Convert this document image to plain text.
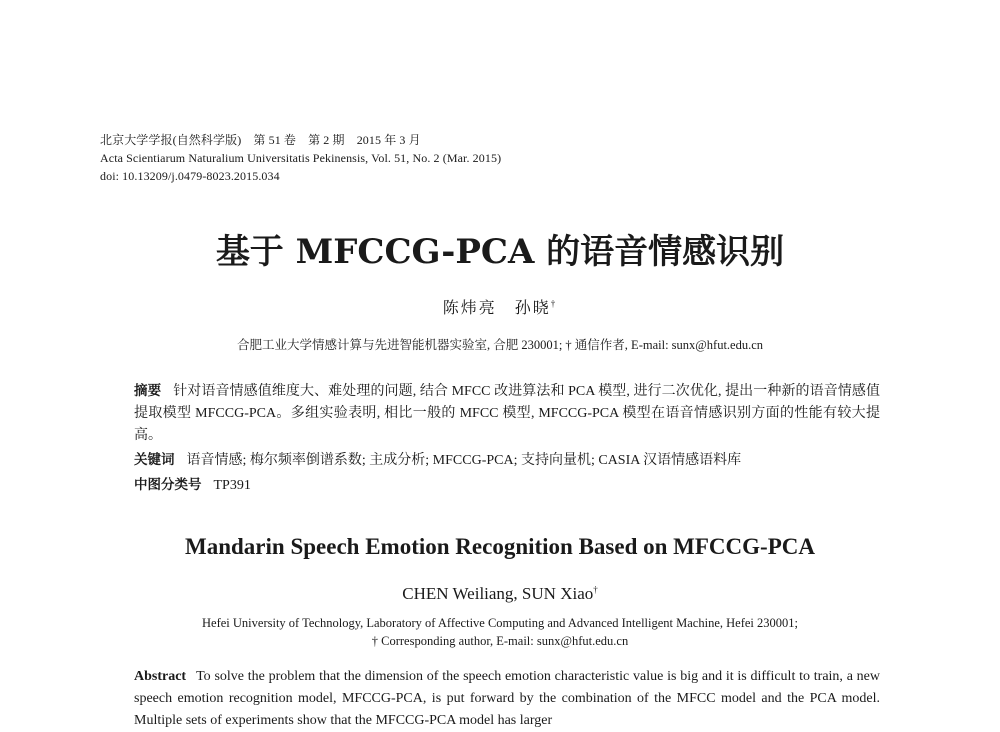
北京大学学报(自然科学版)　第 51 卷　第 2 期　2015 年 3 月
Acta Scientiarum Naturalium Universitatis Pekinensis, Vol. 51, No. 2 (Mar. 2015)
doi: 10.13209/j.0479-8023.2015.034
基于 MFCCG-PCA 的语音情感识别
陈炜亮　孙晓†
合肥工业大学情感计算与先进智能机器实验室, 合肥 230001; † 通信作者, E-mail: sunx@hfut.edu.cn
摘要 针对语音情感值维度大、难处理的问题, 结合 MFCC 改进算法和 PCA 模型, 进行二次优化, 提出一种新的语音情感值提取模型 MFCCG-PCA。多组实验表明, 相比一般的 MFCC 模型, MFCCG-PCA 模型在语音情感识别方面的性能有较大提高。
关键词 语音情感; 梅尔频率倒谱系数; 主成分析; MFCCG-PCA; 支持向量机; CASIA 汉语情感语料库
中图分类号 TP391
Mandarin Speech Emotion Recognition Based on MFCCG-PCA
CHEN Weiliang, SUN Xiao†
Hefei University of Technology, Laboratory of Affective Computing and Advanced Intelligent Machine, Hefei 230001;
† Corresponding author, E-mail: sunx@hfut.edu.cn
Abstract To solve the problem that the dimension of the speech emotion characteristic value is big and it is difficult to train, a new speech emotion recognition model, MFCCG-PCA, is put forward by the combination of the MFCC model and the PCA model. Multiple sets of experiments show that the MFCCG-PCA model has larger
